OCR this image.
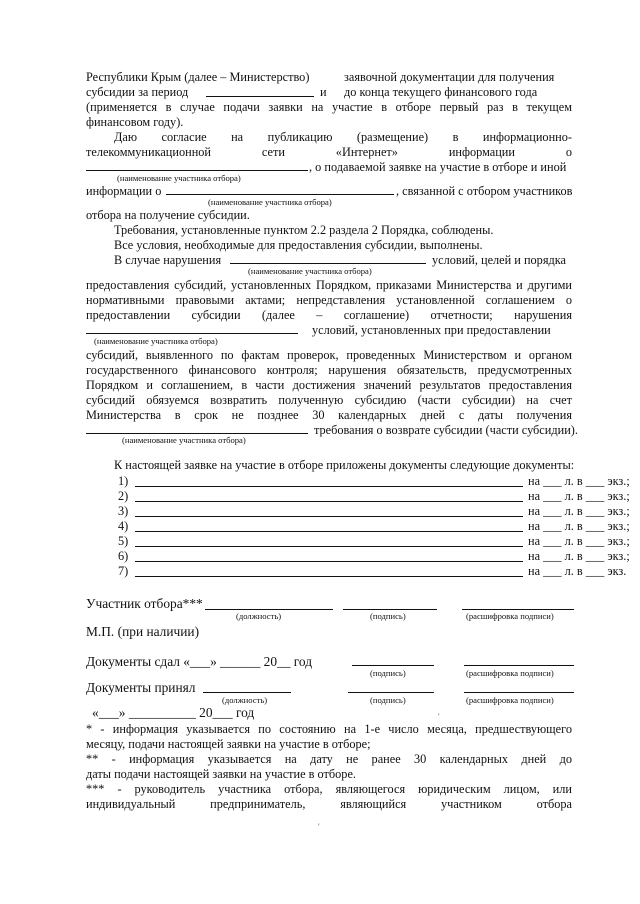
Республики Крым (далее – Министерство)	заявочной документации для получения
субсидии за период	и до конца текущего финансового года
(применяется в случае подачи заявки на участие в отборе первый раз в текущем
финансовом году).
Даю согласие на публикацию (размещение) в информационно-
телекоммуникационной сети «Интернет» информации о
, о подаваемой заявке на участие в отборе и иной
(наименование участника отбора)
информации о	, связанной с отбором участников
(наименование участника отбора)
отбора на получение субсидии.
Требования, установленные пунктом 2.2 раздела 2 Порядка, соблюдены.
Все условия, необходимые для предоставления субсидии, выполнены.
В случае нарушения	условий, целей и порядка
(наименование участника отбора)
предоставления субсидий, установленных Порядком, приказами Министерства и другими
нормативными правовыми актами; непредставления установленной соглашением о
предоставлении субсидии (далее – соглашение) отчетности; нарушения
условий, установленных при предоставлении
(наименование участника отбора)
субсидий, выявленного по фактам проверок, проведенных Министерством и органом
государственного финансового контроля; нарушения обязательств, предусмотренных
Порядком и соглашением, в части достижения значений результатов предоставления
субсидий обязуемся возвратить полученную субсидию (части субсидии) на счет
Министерства в срок не позднее 30 календарных дней с даты получения
требования о возврате субсидии (части субсидии).
(наименование участника отбора)
К настоящей заявке на участие в отборе приложены документы следующие документы:
1)	на ___ л. в ___ экз.;
2)	на ___ л. в ___ экз.;
3)	на ___ л. в ___ экз.;
4)	на ___ л. в ___ экз.;
5)	на ___ л. в ___ экз.;
6)	на ___ л. в ___ экз.;
7)	на ___ л. в ___ экз.
Участник отбора***
(должность)	(подпись)	(расшифровка подписи)
М.П. (при наличии)
Документы сдал «___» ______ 20__ год
(подпись)	(расшифровка подписи)
Документы принял
(должность)	(подпись)	(расшифровка подписи)
«___» __________ 20___ год
* - информация указывается по состоянию на 1-е число месяца, предшествующего
месяцу, подачи настоящей заявки на участие в отборе;
** - информация указывается на дату не ранее 30 календарных дней до
даты подачи настоящей заявки на участие в отборе.
*** - руководитель участника отбора, являющегося юридическим лицом, или
индивидуальный предприниматель, являющийся участником отбора
'
'
